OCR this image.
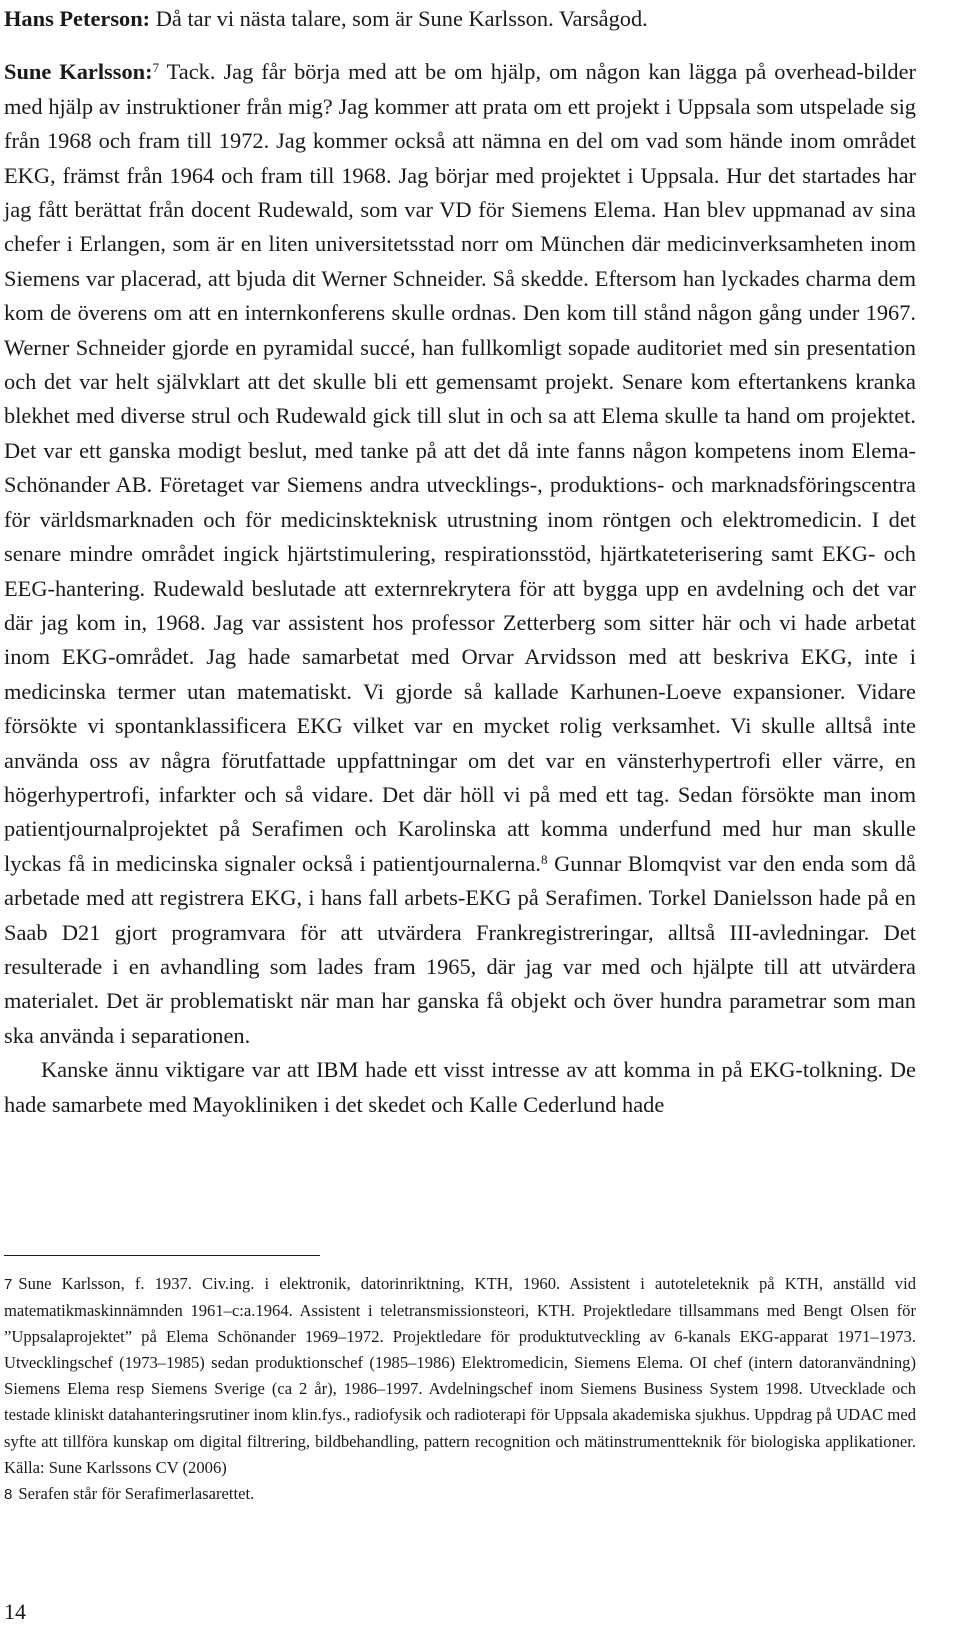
Hans Peterson: Då tar vi nästa talare, som är Sune Karlsson. Varsågod.

Sune Karlsson:$^7$ Tack. Jag får börja med att be om hjälp, om någon kan lägga på overhead-bilder med hjälp av instruktioner från mig? Jag kommer att prata om ett projekt i Uppsala som utspelade sig från 1968 och fram till 1972. Jag kommer också att nämna en del om vad som hände inom området EKG, främst från 1964 och fram till 1968. Jag börjar med projektet i Uppsala. Hur det startades har jag fått berättat från docent Rudewald, som var VD för Siemens Elema. Han blev uppmanad av sina chefer i Erlangen, som är en liten universitetsstad norr om München där medicinverksamheten inom Siemens var placerad, att bjuda dit Werner Schneider. Så skedde. Eftersom han lyckades charma dem kom de överens om att en internkonferens skulle ordnas. Den kom till stånd någon gång under 1967. Werner Schneider gjorde en pyramidal succé, han fullkomligt sopade auditoriet med sin presentation och det var helt självklart att det skulle bli ett gemensamt projekt. Senare kom eftertankens kranka blekhet med diverse strul och Rudewald gick till slut in och sa att Elema skulle ta hand om projektet. Det var ett ganska modigt beslut, med tanke på att det då inte fanns någon kompetens inom Elema-Schönander AB. Företaget var Siemens andra utvecklings-, produktions- och marknadsföringscentra för världsmarknaden och för medicinskteknisk utrustning inom röntgen och elektromedicin. I det senare mindre området ingick hjärtstimulering, respirationsstöd, hjärtkateterisering samt EKG- och EEG-hantering. Rudewald beslutade att externrekrytera för att bygga upp en avdelning och det var där jag kom in, 1968. Jag var assistent hos professor Zetterberg som sitter här och vi hade arbetat inom EKG-området. Jag hade samarbetat med Orvar Arvidsson med att beskriva EKG, inte i medicinska termer utan matematiskt. Vi gjorde så kallade Karhunen-Loeve expansioner. Vidare försökte vi spontanklassificera EKG vilket var en mycket rolig verksamhet. Vi skulle alltså inte använda oss av några förutfattade uppfattningar om det var en vänsterhypertrofi eller värre, en högerhypertrofi, infarkter och så vidare. Det där höll vi på med ett tag. Sedan försökte man inom patientjournalprojektet på Serafimen och Karolinska att komma underfund med hur man skulle lyckas få in medicinska signaler också i patientjournalerna.$^8$ Gunnar Blomqvist var den enda som då arbetade med att registrera EKG, i hans fall arbets-EKG på Serafimen. Torkel Danielsson hade på en Saab D21 gjort programvara för att utvärdera Frankregistreringar, alltså III-avledningar. Det resulterade i en avhandling som lades fram 1965, där jag var med och hjälpte till att utvärdera materialet. Det är problematiskt när man har ganska få objekt och över hundra parametrar som man ska använda i separationen.

Kanske ännu viktigare var att IBM hade ett visst intresse av att komma in på EKG-tolkning. De hade samarbete med Mayokliniken i det skedet och Kalle Cederlund hade

7 Sune Karlsson, f. 1937. Civ.ing. i elektronik, datorinriktning, KTH, 1960. Assistent i autoteleteknik på KTH, anställd vid matematikmaskinnämnden 1961–c:a.1964. Assistent i teletransmissionsteori, KTH. Projektledare tillsammans med Bengt Olsen för ”Uppsalaprojektet” på Elema Schönander 1969–1972. Projektledare för produktutveckling av 6-kanals EKG-apparat 1971–1973. Utvecklingschef (1973–1985) sedan produktionschef (1985–1986) Elektromedicin, Siemens Elema. OI chef (intern datoranvändning) Siemens Elema resp Siemens Sverige (ca 2 år), 1986–1997. Avdelningschef inom Siemens Business System 1998. Utvecklade och testade kliniskt datahanteringsrutiner inom klin.fys., radiofysik och radioterapi för Uppsala akademiska sjukhus. Uppdrag på UDAC med syfte att tillföra kunskap om digital filtrering, bildbehandling, pattern recognition och mätinstrumentteknik för biologiska applikationer. Källa: Sune Karlssons CV (2006)

8 Serafen står för Serafimerlasarettet.

14
